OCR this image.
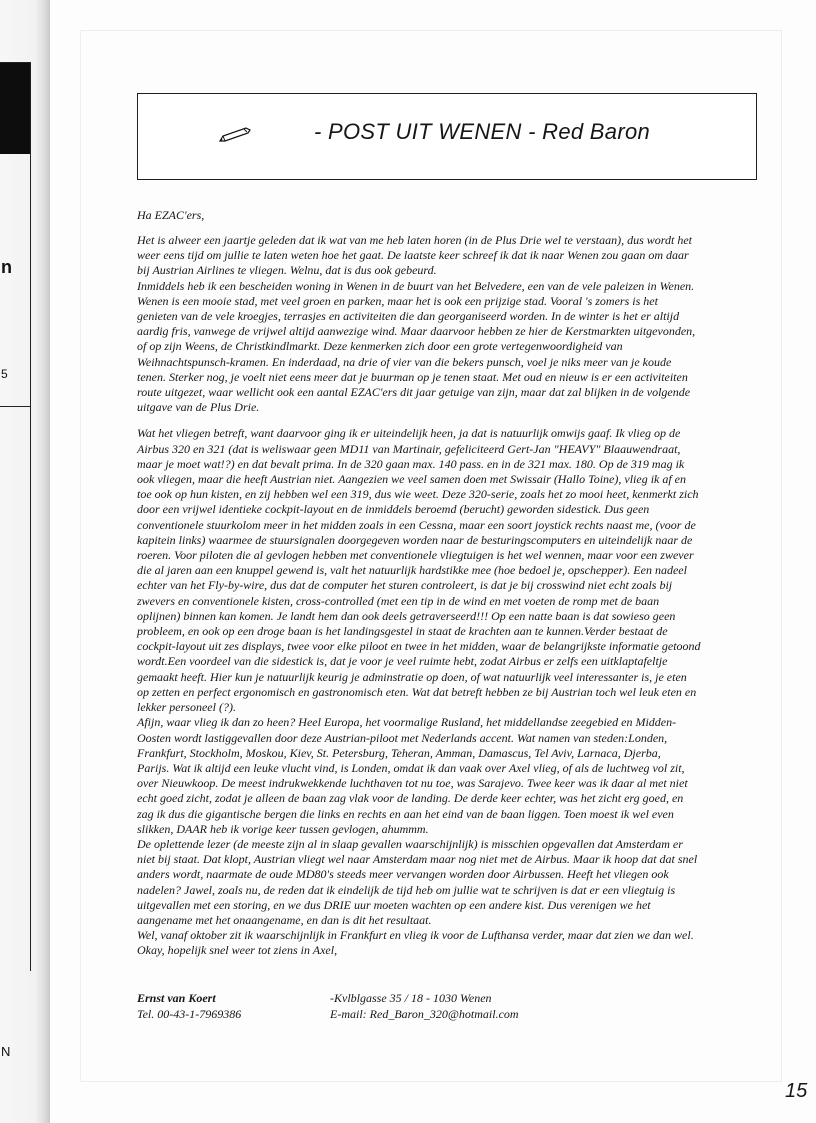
n
5
N
- POST UIT WENEN - Red Baron
Ha EZAC'ers,

Het is alweer een jaartje geleden dat ik wat van me heb laten horen (in de Plus Drie wel te verstaan), dus wordt het

weer eens tijd om jullie te laten weten hoe het gaat. De laatste keer schreef ik dat ik naar Wenen zou gaan om daar

bij Austrian Airlines te vliegen. Welnu, dat is dus ook gebeurd.

Inmiddels heb ik een bescheiden woning in Wenen in de buurt van het Belvedere, een van de vele paleizen in Wenen.

Wenen is een mooie stad, met veel groen en parken, maar het is ook een prijzige stad. Vooral 's zomers is het

genieten van de vele kroegjes, terrasjes en activiteiten die dan georganiseerd worden. In de winter is het er altijd

aardig fris, vanwege de vrijwel altijd aanwezige wind. Maar daarvoor hebben ze hier de Kerstmarkten uitgevonden,

of op zijn Weens, de Christkindlmarkt. Deze kenmerken zich door een grote vertegenwoordigheid van

Weihnachtspunsch-kramen. En inderdaad, na drie of vier van die bekers punsch, voel je niks meer van je koude

tenen. Sterker nog, je voelt niet eens meer dat je buurman op je tenen staat. Met oud en nieuw is er een activiteiten

route uitgezet, waar wellicht ook een aantal EZAC'ers dit jaar getuige van zijn, maar dat zal blijken in de volgende

uitgave van de Plus Drie.

Wat het vliegen betreft, want daarvoor ging ik er uiteindelijk heen, ja dat is natuurlijk omwijs gaaf. Ik vlieg op de

Airbus 320 en 321 (dat is weliswaar geen MD11 van Martinair, gefeliciteerd Gert-Jan "HEAVY" Blaauwendraat,

maar je moet wat!?) en dat bevalt prima. In de 320 gaan max. 140 pass. en in de 321 max. 180. Op de 319 mag ik

ook vliegen, maar die heeft Austrian niet. Aangezien we veel samen doen met Swissair (Hallo Toine), vlieg ik af en

toe ook op hun kisten, en zij hebben wel een 319, dus wie weet. Deze 320-serie, zoals het zo mooi heet, kenmerkt zich

door een vrijwel identieke cockpit-layout en de inmiddels beroemd (berucht) geworden sidestick. Dus geen

conventionele stuurkolom meer in het midden zoals in een Cessna, maar een soort joystick rechts naast me, (voor de

kapitein links) waarmee de stuursignalen doorgegeven worden naar de besturingscomputers en uiteindelijk naar de

roeren. Voor piloten die al gevlogen hebben met conventionele vliegtuigen is het wel wennen, maar voor een zwever

die al jaren aan een knuppel gewend is, valt het natuurlijk hardstikke mee (hoe bedoel je, opschepper). Een nadeel

echter van het Fly-by-wire, dus dat de computer het sturen controleert, is dat je bij crosswind niet echt zoals bij

zwevers en conventionele kisten, cross-controlled (met een tip in de wind en met voeten de romp met de baan

oplijnen) binnen kan komen. Je landt hem dan ook deels getraverseerd!!! Op een natte baan is dat sowieso geen

probleem, en ook op een droge baan is het landingsgestel in staat de krachten aan te kunnen.Verder bestaat de

cockpit-layout uit zes displays, twee voor elke piloot en twee in het midden, waar de belangrijkste informatie getoond

wordt.Een voordeel van die sidestick is, dat je voor je veel ruimte hebt, zodat Airbus er zelfs een uitklaptafeltje

gemaakt heeft. Hier kun je natuurlijk keurig je adminstratie op doen, of wat natuurlijk veel interessanter is, je eten

op zetten en perfect ergonomisch en gastronomisch eten. Wat dat betreft hebben ze bij Austrian toch wel leuk eten en

lekker personeel (?).

Afijn, waar vlieg ik dan zo heen? Heel Europa, het voormalige Rusland, het middellandse zeegebied en Midden-

Oosten wordt lastiggevallen door deze Austrian-piloot met Nederlands accent. Wat namen van steden:Londen,

Frankfurt, Stockholm, Moskou, Kiev, St. Petersburg, Teheran, Amman, Damascus, Tel Aviv, Larnaca, Djerba,

Parijs. Wat ik altijd een leuke vlucht vind, is Londen, omdat ik dan vaak over Axel vlieg, of als de luchtweg vol zit,

over Nieuwkoop. De meest indrukwekkende luchthaven tot nu toe, was Sarajevo. Twee keer was ik daar al met niet

echt goed zicht, zodat je alleen de baan zag vlak voor de landing. De derde keer echter, was het zicht erg goed, en

zag ik dus die gigantische bergen die links en rechts en aan het eind van de baan liggen. Toen moest ik wel even

slikken, DAAR heb ik vorige keer tussen gevlogen, ahummm.

De oplettende lezer (de meeste zijn al in slaap gevallen waarschijnlijk) is misschien opgevallen dat Amsterdam er

niet bij staat. Dat klopt, Austrian vliegt wel naar Amsterdam maar nog niet met de Airbus. Maar ik hoop dat dat snel

anders wordt, naarmate de oude MD80's steeds meer vervangen worden door Airbussen. Heeft het vliegen ook

nadelen? Jawel, zoals nu, de reden dat ik eindelijk de tijd heb om jullie wat te schrijven is dat er een vliegtuig is

uitgevallen met een storing, en we dus DRIE uur moeten wachten op een andere kist. Dus verenigen we het

aangename met het onaangename, en dan is dit het resultaat.

Wel, vanaf oktober zit ik waarschijnlijk in Frankfurt en vlieg ik voor de Lufthansa verder, maar dat zien we dan wel.

Okay, hopelijk snel weer tot ziens in Axel,

Ernst van Koert
Tel. 00-43-1-7969386
-Kvlblgasse 35 / 18 - 1030 Wenen
E-mail: Red_Baron_320@hotmail.com
15
